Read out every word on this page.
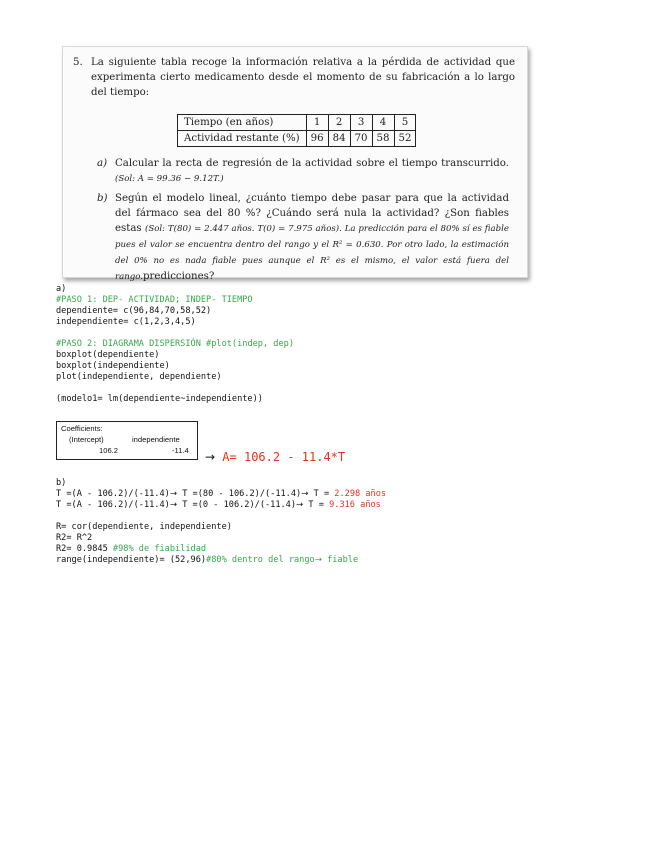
5. La siguiente tabla recoge la información relativa a la pérdida de actividad que experimenta cierto medicamento desde el momento de su fabricación a lo largo del tiempo:
Tiempo (en años)	1	2	3	4	5
Actividad restante (%)	96	84	70	58	52
a) Calcular la recta de regresión de la actividad sobre el tiempo transcurrido. (Sol: A = 99.36 − 9.12T.)
b) Según el modelo lineal, ¿cuánto tiempo debe pasar para que la actividad del fármaco sea del 80 %? ¿Cuándo será nula la actividad? ¿Son fiables estas (Sol: T(80) = 2.447 años. T(0) = 7.975 años). La predicción para el 80% sí es fiable pues el valor se encuentra dentro del rango y el R² = 0.630. Por otro lado, la estimación del 0% no es nada fiable pues aunque el R² es el mismo, el valor está fuera del rango.predicciones?
a)
#PASO 1: DEP- ACTIVIDAD; INDEP- TIEMPO
dependiente= c(96,84,70,58,52)
independiente= c(1,2,3,4,5)
#PASO 2: DIAGRAMA DISPERSIÓN #plot(indep, dep)
boxplot(dependiente)
boxplot(independiente)
plot(independiente, dependiente)
(modelo1= lm(dependiente~independiente))
Coefficients:
(Intercept)	independiente
106.2	-11.4 → A= 106.2 - 11.4*T
b)
T =(A - 106.2)/(-11.4)→ T =(80 - 106.2)/(-11.4)→ T = 2.298 años
T =(A - 106.2)/(-11.4)→ T =(0 - 106.2)/(-11.4)→ T = 9.316 años
R= cor(dependiente, independiente)
R2= R^2
R2= 0.9845 #98% de fiabilidad
range(independiente)= (52,96)#80% dentro del rango→ fiable
